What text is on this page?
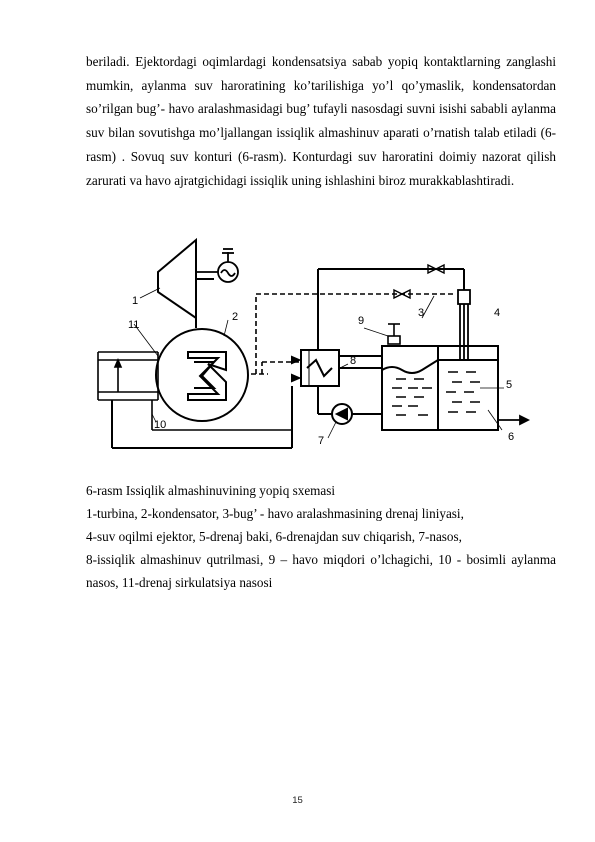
beriladi. Ejektordagi oqimlardagi kondensatsiya sabab yopiq kontaktlarning zanglashi mumkin, aylanma suv haroratining ko’tarilishiga yo’l qo’ymaslik, kondensatordan so’rilgan bug’- havo aralashmasidagi bug’ tufayli nasosdagi suvni isishi sababli aylanma suv bilan sovutishga mo’ljallangan issiqlik almashinuv aparati o’rnatish talab etiladi (6-rasm) . Sovuq suv konturi (6-rasm). Konturdagi suv haroratini doimiy nazorat qilish zarurati va havo ajratgichidagi issiqlik uning ishlashini biroz murakkablashtiradi.

1
11
2	3	4
9
8
5
7
10
6

6-rasm Issiqlik almashinuvining yopiq sxemasi

1-turbina, 2-kondensator, 3-bug’ - havo aralashmasining drenaj liniyasi,

4-suv oqilmi ejektor, 5-drenaj baki, 6-drenajdan suv chiqarish, 7-nasos,

8-issiqlik almashinuv qutrilmasi, 9 – havo miqdori o’lchagichi, 10 - bosimli aylanma nasos, 11-drenaj sirkulatsiya nasosi

15
